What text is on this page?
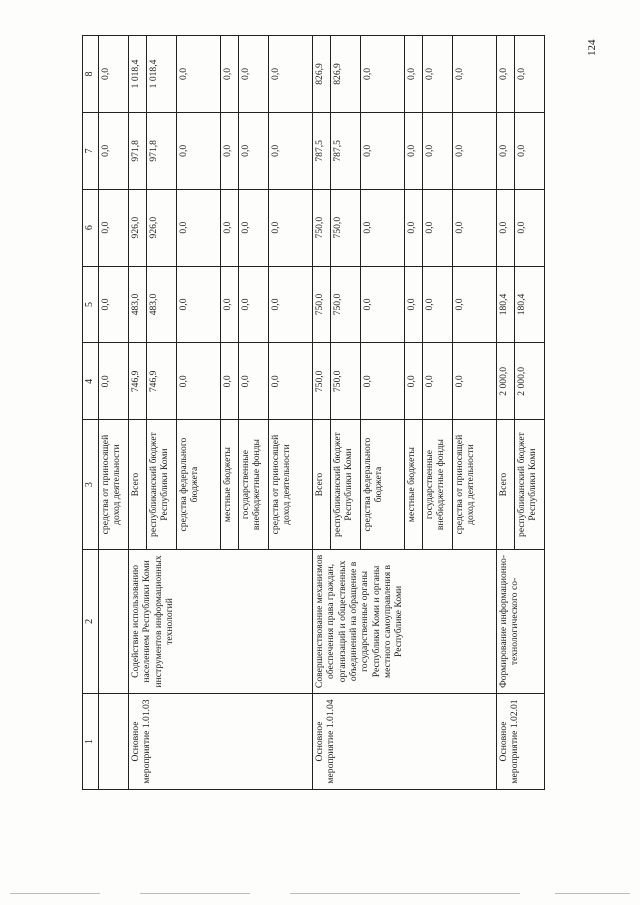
124
1	2	3	4	5	6	7	8
		средства от приносящей доход деятельности	0,0	0,0	0,0	0,0	0,0
Основное мероприятие 1.01.03	Содействие использованию населением Республики Коми инструментов информационных технологий	Всего	746,9	483,0	926,0	971,8	1 018,4
		республиканский бюджет Республики Коми	746,9	483,0	926,0	971,8	1 018,4
		средства федерального бюджета	0,0	0,0	0,0	0,0	0,0
		местные бюджеты	0,0	0,0	0,0	0,0	0,0
		государственные внебюджетные фонды	0,0	0,0	0,0	0,0	0,0
		средства от приносящей доход деятельности	0,0	0,0	0,0	0,0	0,0
Основное мероприятие 1.01.04	Совершенствование механизмов обеспечения права граждан, организаций и общественных объединений на обращение в государственные органы Республики Коми и органы местного самоуправления в Республике Коми	Всего	750,0	750,0	750,0	787,5	826,9
		республиканский бюджет Республики Коми	750,0	750,0	750,0	787,5	826,9
		средства федерального бюджета	0,0	0,0	0,0	0,0	0,0
		местные бюджеты	0,0	0,0	0,0	0,0	0,0
		государственные внебюджетные фонды	0,0	0,0	0,0	0,0	0,0
		средства от приносящей доход деятельности	0,0	0,0	0,0	0,0	0,0
Основное мероприятие 1.02.01	Формирование информационно-технологического со-	Всего	2 000,0	180,4	0,0	0,0	0,0
		республиканский бюджет Республики Коми	2 000,0	180,4	0,0	0,0	0,0
